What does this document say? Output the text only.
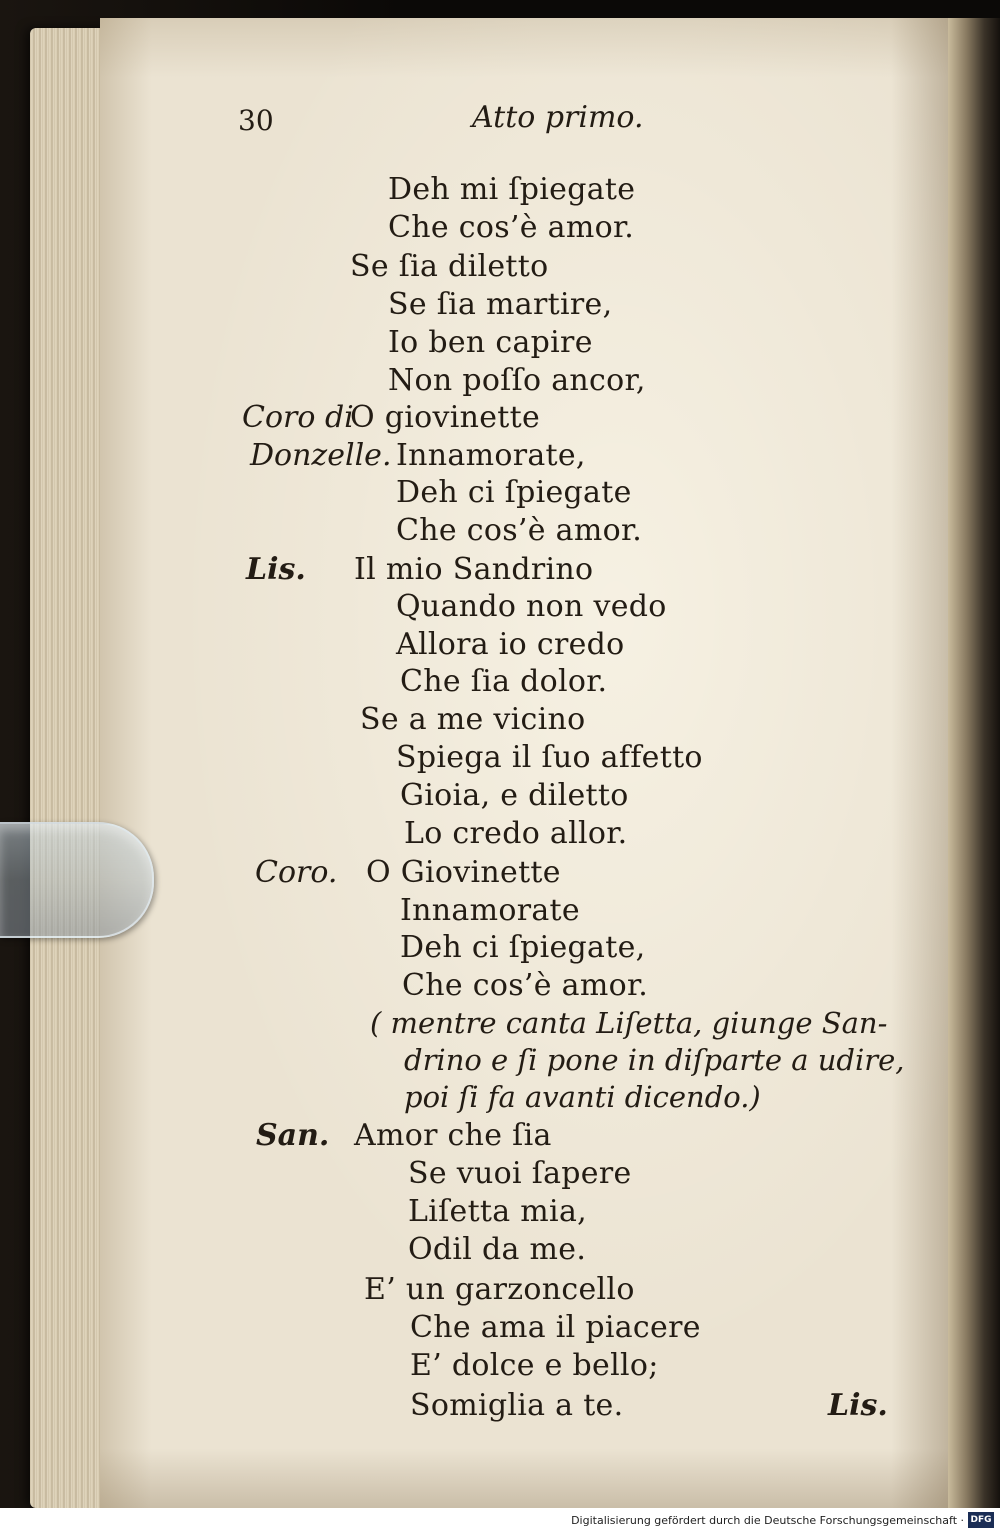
30	Atto primo.
Coro di
Donzelle.
Lis.
Coro.
San.
Deh mi ſpiegate
Che cos’è amor.
Se ſia diletto
Se ſia martire,
Io ben capire
Non poſſo ancor,
O giovinette
Innamorate,
Deh ci ſpiegate
Che cos’è amor.
Il mio Sandrino
Quando non vedo
Allora io credo
Che ſia dolor.
Se a me vicino
Spiega il ſuo affetto
Gioia, e diletto
Lo credo allor.
O Giovinette
Innamorate
Deh ci ſpiegate,
Che cos’è amor.
( mentre canta Liſetta, giunge San-
drino e ſi pone in diſparte a udire,
poi ſi fa avanti dicendo.)
Amor che ſia
Se vuoi ſapere
Liſetta mia,
Odil da me.
E’ un garzoncello
Che ama il piacere
E’ dolce e bello;
Somiglia a te.	Lis.
Digitalisierung gefördert durch die Deutsche Forschungsgemeinschaft · DFG
